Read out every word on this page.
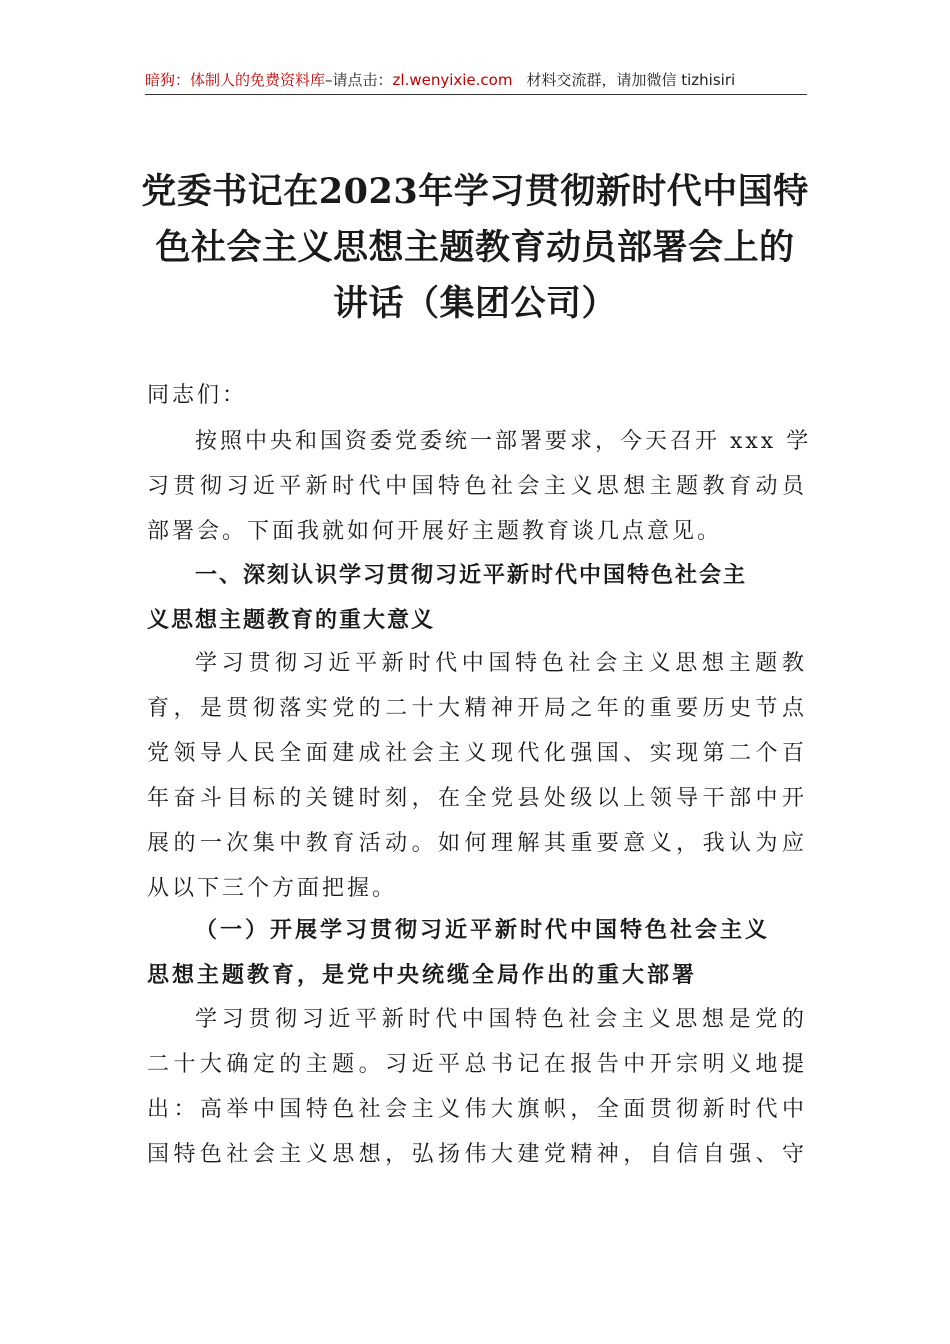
暗狗：体制人的免费资料库–请点击：zl.wenyixie.com 材料交流群，请加微信 tizhisiri
党委书记在2023年学习贯彻新时代中国特
色社会主义思想主题教育动员部署会上的
讲话（集团公司）
同志们：
按照中央和国资委党委统一部署要求，今天召开 xxx 学
习贯彻习近平新时代中国特色社会主义思想主题教育动员
部署会。下面我就如何开展好主题教育谈几点意见。
一、深刻认识学习贯彻习近平新时代中国特色社会主
义思想主题教育的重大意义
学习贯彻习近平新时代中国特色社会主义思想主题教
育，是贯彻落实党的二十大精神开局之年的重要历史节点
党领导人民全面建成社会主义现代化强国、实现第二个百
年奋斗目标的关键时刻，在全党县处级以上领导干部中开
展的一次集中教育活动。如何理解其重要意义，我认为应
从以下三个方面把握。
（一）开展学习贯彻习近平新时代中国特色社会主义
思想主题教育，是党中央统缆全局作出的重大部署
学习贯彻习近平新时代中国特色社会主义思想是党的
二十大确定的主题。习近平总书记在报告中开宗明义地提
出：高举中国特色社会主义伟大旗帜，全面贯彻新时代中
国特色社会主义思想，弘扬伟大建党精神，自信自强、守
